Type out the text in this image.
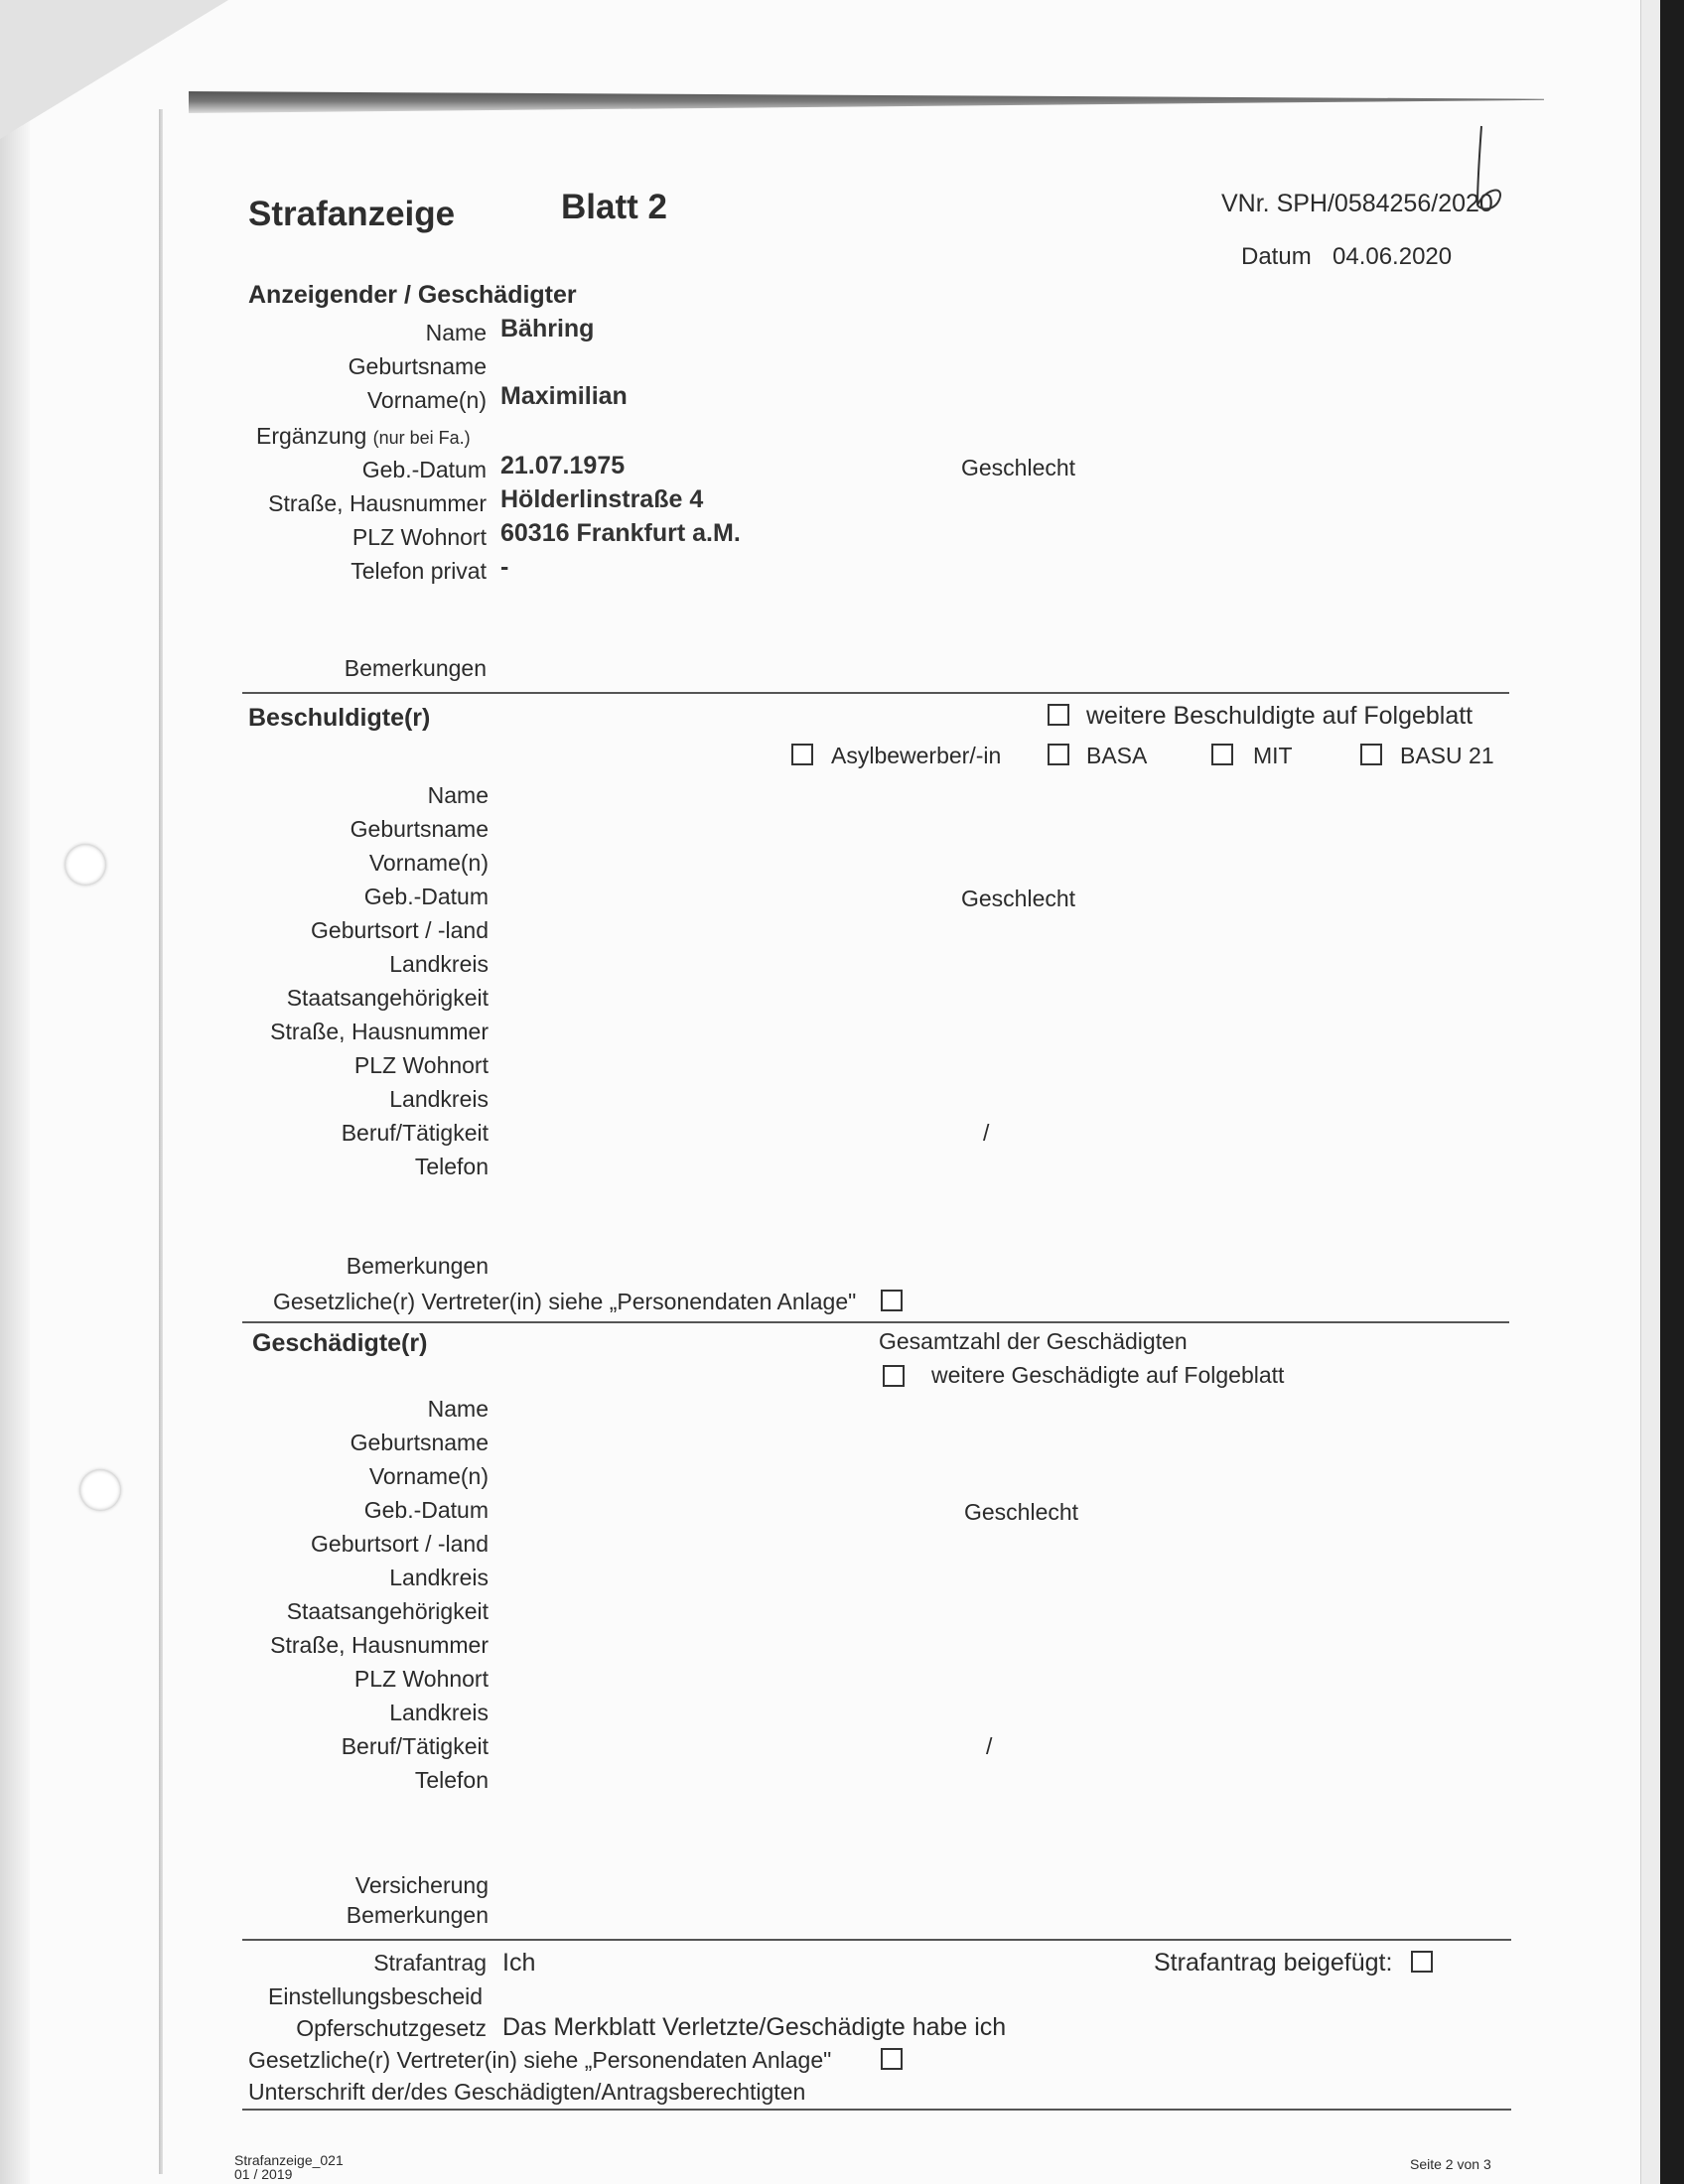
Strafanzeige	Blatt 2	VNr. SPH/0584256/2020
Datum 04.06.2020
Anzeigender / Geschädigter
Name Bähring
Geburtsname
Vorname(n) Maximilian
Ergänzung (nur bei Fa.)
Geb.-Datum 21.07.1975	Geschlecht
Straße, Hausnummer Hölderlinstraße 4
PLZ Wohnort 60316 Frankfurt a.M.
Telefon privat -
Bemerkungen
Beschuldigte(r)	weitere Beschuldigte auf Folgeblatt
Asylbewerber/-in	BASA	MIT	BASU 21
Name
Geburtsname
Vorname(n)
Geb.-Datum	Geschlecht
Geburtsort / -land
Landkreis
Staatsangehörigkeit
Straße, Hausnummer
PLZ Wohnort
Landkreis
Beruf/Tätigkeit	/
Telefon
Bemerkungen
Gesetzliche(r) Vertreter(in) siehe „Personendaten Anlage"
Geschädigte(r)	Gesamtzahl der Geschädigten
weitere Geschädigte auf Folgeblatt
Name
Geburtsname
Vorname(n)
Geb.-Datum	Geschlecht
Geburtsort / -land
Landkreis
Staatsangehörigkeit
Straße, Hausnummer
PLZ Wohnort
Landkreis
Beruf/Tätigkeit	/
Telefon
Versicherung
Bemerkungen
Strafantrag Ich	Strafantrag beigefügt:
Einstellungsbescheid
Opferschutzgesetz Das Merkblatt Verletzte/Geschädigte habe ich
Gesetzliche(r) Vertreter(in) siehe „Personendaten Anlage"
Unterschrift der/des Geschädigten/Antragsberechtigten
Strafanzeige_021
01 / 2019
Seite 2 von 3
